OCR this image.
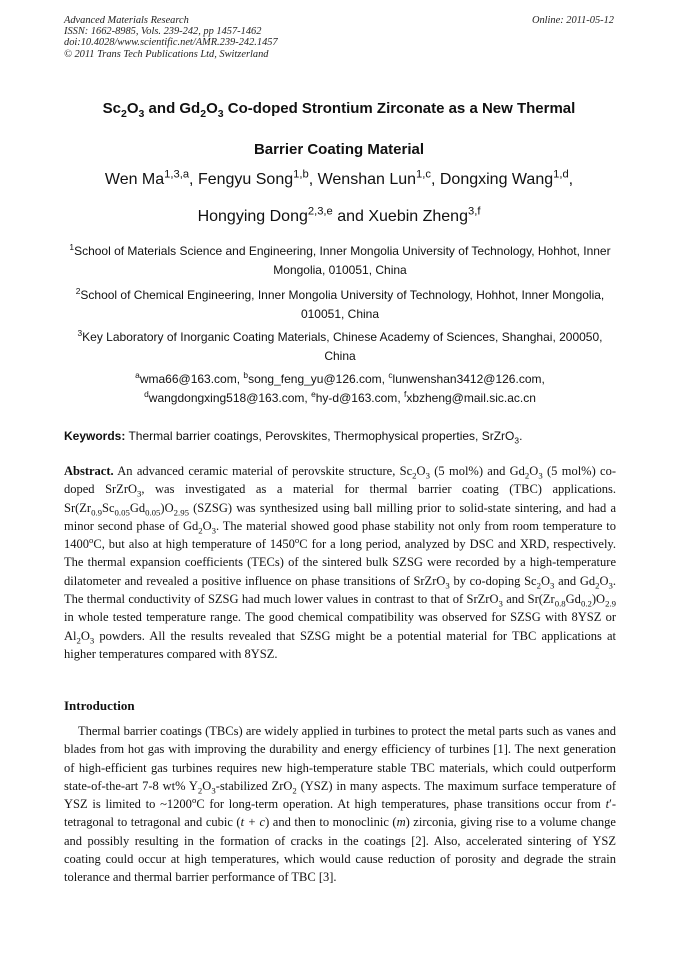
Advanced Materials Research
ISSN: 1662-8985, Vols. 239-242, pp 1457-1462
doi:10.4028/www.scientific.net/AMR.239-242.1457
© 2011 Trans Tech Publications Ltd, Switzerland
Online: 2011-05-12
$Sc_2O_3$ and $Gd_2O_3$ Co-doped Strontium Zirconate as a New Thermal
Barrier Coating Material
Wen Ma$^{1,3,a}$, Fengyu Song$^{1,b}$, Wenshan Lun$^{1,c}$, Dongxing Wang$^{1,d}$,
Hongying Dong$^{2,3,e}$ and Xuebin Zheng$^{3,f}$
$^1$School of Materials Science and Engineering, Inner Mongolia University of Technology, Hohhot, Inner Mongolia, 010051, China
$^2$School of Chemical Engineering, Inner Mongolia University of Technology, Hohhot, Inner Mongolia, 010051, China
$^3$Key Laboratory of Inorganic Coating Materials, Chinese Academy of Sciences, Shanghai, 200050, China
$^a$wma66@163.com, $^b$song_feng_yu@126.com, $^c$lunwenshan3412@126.com,
$^d$wangdongxing518@163.com, $^e$hy-d@163.com, $^f$xbzheng@mail.sic.ac.cn
Keywords: Thermal barrier coatings, Perovskites, Thermophysical properties, SrZrO$_3$.
Abstract. An advanced ceramic material of perovskite structure, $Sc_2O_3$ (5 mol%) and $Gd_2O_3$ (5 mol%) co-doped SrZrO$_3$, was investigated as a material for thermal barrier coating (TBC) applications. $Sr(Zr_{0.9}Sc_{0.05}Gd_{0.05})O_{2.95}$ (SZSG) was synthesized using ball milling prior to solid-state sintering, and had a minor second phase of $Gd_2O_3$. The material showed good phase stability not only from room temperature to 1400$^o$C, but also at high temperature of 1450$^o$C for a long period, analyzed by DSC and XRD, respectively. The thermal expansion coefficients (TECs) of the sintered bulk SZSG were recorded by a high-temperature dilatometer and revealed a positive influence on phase transitions of SrZrO$_3$ by co-doping $Sc_2O_3$ and $Gd_2O_3$. The thermal conductivity of SZSG had much lower values in contrast to that of SrZrO$_3$ and $Sr(Zr_{0.8}Gd_{0.2})O_{2.9}$ in whole tested temperature range. The good chemical compatibility was observed for SZSG with 8YSZ or $Al_2O_3$ powders. All the results revealed that SZSG might be a potential material for TBC applications at higher temperatures compared with 8YSZ.
Introduction
Thermal barrier coatings (TBCs) are widely applied in turbines to protect the metal parts such as vanes and blades from hot gas with improving the durability and energy efficiency of turbines [1]. The next generation of high-efficient gas turbines requires new high-temperature stable TBC materials, which could outperform state-of-the-art 7-8 wt% $Y_2O_3$-stabilized ZrO$_2$ (YSZ) in many aspects. The maximum surface temperature of YSZ is limited to ~1200$^o$C for long-term operation. At high temperatures, phase transitions occur from t′-tetragonal to tetragonal and cubic (t + c) and then to monoclinic (m) zirconia, giving rise to a volume change and possibly resulting in the formation of cracks in the coatings [2]. Also, accelerated sintering of YSZ coating could occur at high temperatures, which would cause reduction of porosity and degrade the strain tolerance and thermal barrier performance of TBC [3].
